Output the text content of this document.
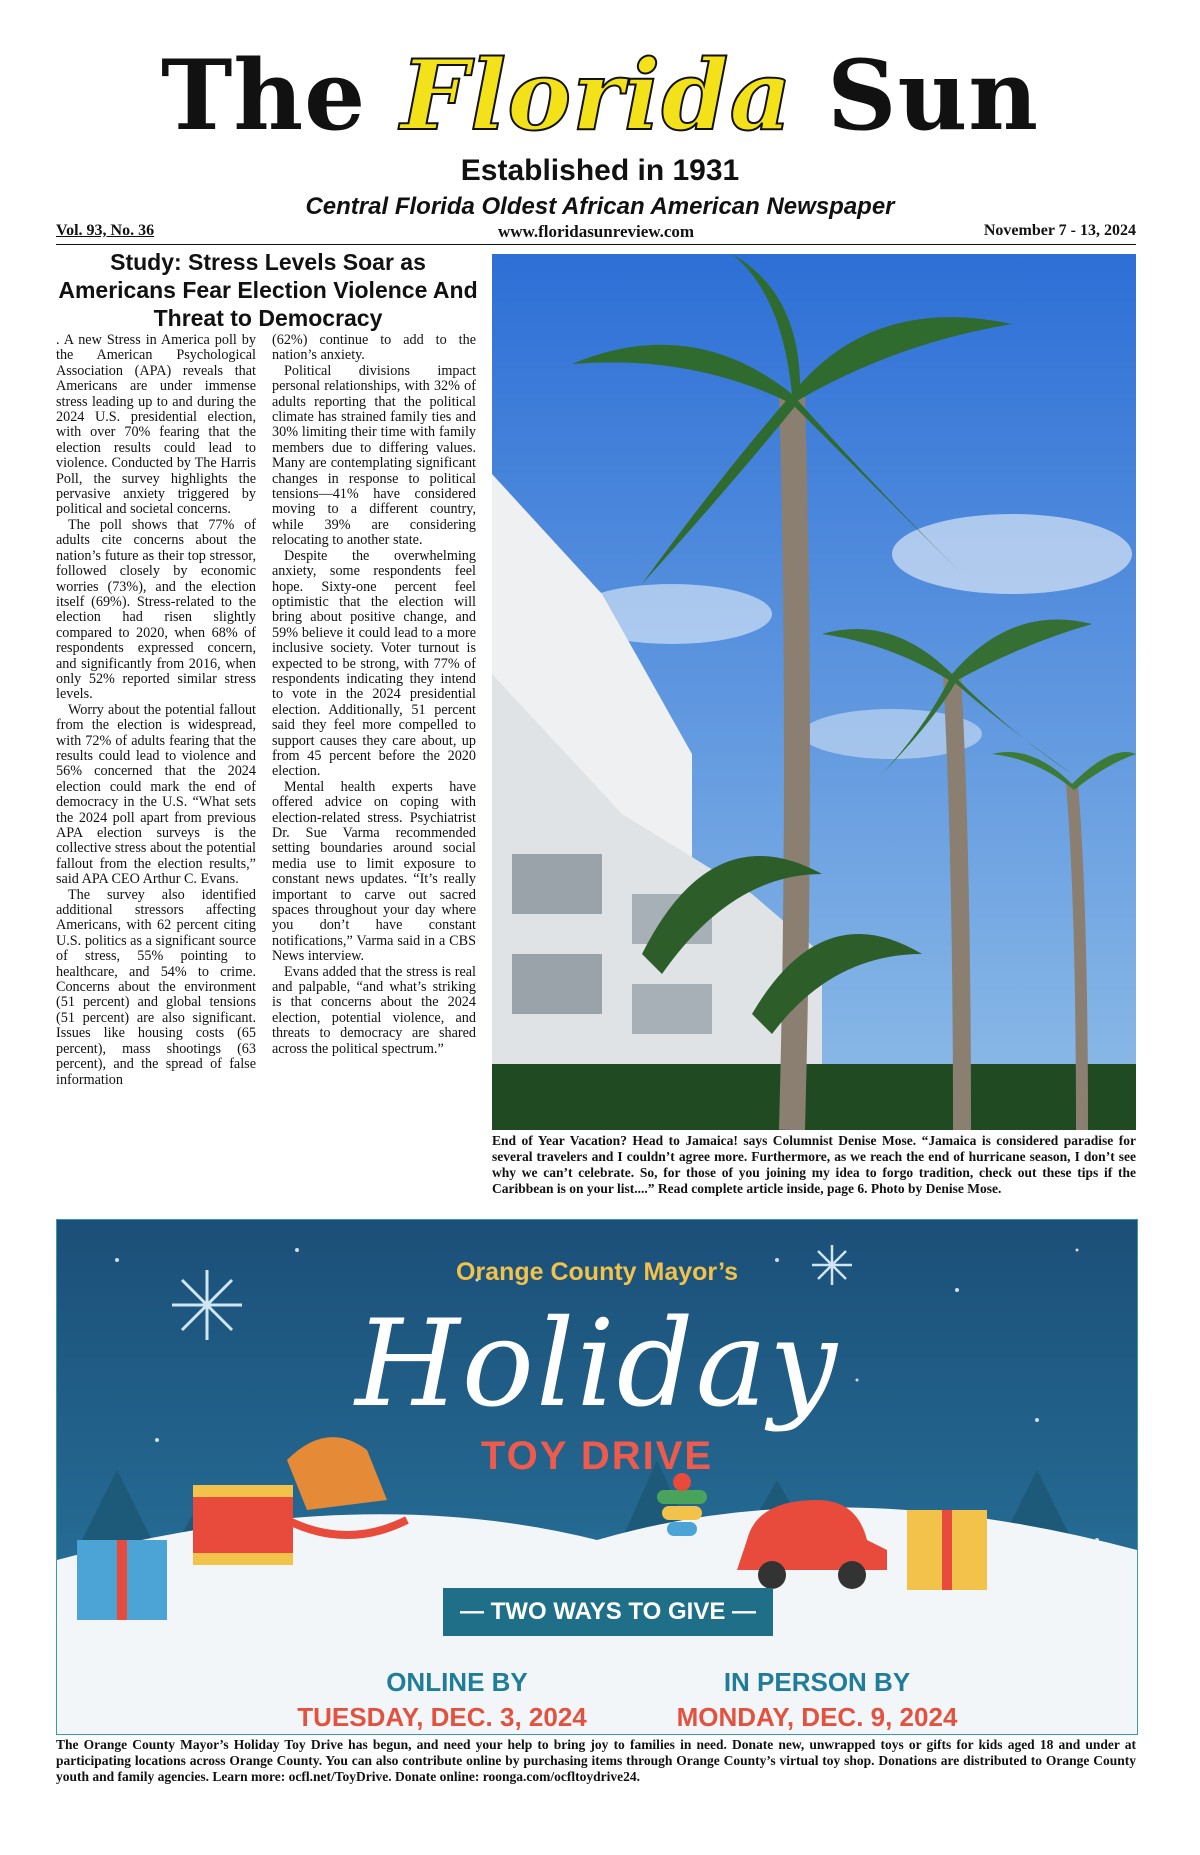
The Florida Sun
Established in 1931
Central Florida Oldest African American Newspaper
www.floridasunreview.com
Vol. 93, No. 36	November 7 - 13, 2024
Study: Stress Levels Soar as Americans Fear Election Violence And Threat to Democracy

. A new Stress in America poll by the American Psychological Association (APA) reveals that Americans are under immense stress leading up to and during the 2024 U.S. presidential election, with over 70% fearing that the election results could lead to violence. Conducted by The Harris Poll, the survey highlights the pervasive anxiety triggered by political and societal concerns.

The poll shows that 77% of adults cite concerns about the nation’s future as their top stressor, followed closely by economic worries (73%), and the election itself (69%). Stress-related to the election had risen slightly compared to 2020, when 68% of respondents expressed concern, and significantly from 2016, when only 52% reported similar stress levels.

Worry about the potential fallout from the election is widespread, with 72% of adults fearing that the results could lead to violence and 56% concerned that the 2024 election could mark the end of democracy in the U.S. “What sets the 2024 poll apart from previous APA election surveys is the collective stress about the potential fallout from the election results,” said APA CEO Arthur C. Evans.

The survey also identified additional stressors affecting Americans, with 62 percent citing U.S. politics as a significant source of stress, 55% pointing to healthcare, and 54% to crime. Concerns about the environment (51 percent) and global tensions (51 percent) are also significant. Issues like housing costs (65 percent), mass shootings (63 percent), and the spread of false information

(62%) continue to add to the nation’s anxiety.

Political divisions impact personal relationships, with 32% of adults reporting that the political climate has strained family ties and 30% limiting their time with family members due to differing values. Many are contemplating significant changes in response to political tensions—41% have considered moving to a different country, while 39% are considering relocating to another state.

Despite the overwhelming anxiety, some respondents feel hope. Sixty-one percent feel optimistic that the election will bring about positive change, and 59% believe it could lead to a more inclusive society. Voter turnout is expected to be strong, with 77% of respondents indicating they intend to vote in the 2024 presidential election. Additionally, 51 percent said they feel more compelled to support causes they care about, up from 45 percent before the 2020 election.

Mental health experts have offered advice on coping with election-related stress. Psychiatrist Dr. Sue Varma recommended setting boundaries around social media use to limit exposure to constant news updates. “It’s really important to carve out sacred spaces throughout your day where you don’t have constant notifications,” Varma said in a CBS News interview.

Evans added that the stress is real and palpable, “and what’s striking is that concerns about the 2024 election, potential violence, and threats to democracy are shared across the political spectrum.”

End of Year Vacation? Head to Jamaica! says Columnist Denise Mose. “Jamaica is considered paradise for several travelers and I couldn’t agree more. Furthermore, as we reach the end of hurricane season, I don’t see why we can’t celebrate. So, for those of you joining my idea to forgo tradition, check out these tips if the Caribbean is on your list....” Read complete article inside, page 6. Photo by Denise Mose.
Orange County Mayor’s
Holiday
TOY DRIVE
— TWO WAYS TO GIVE —
ONLINE BY	IN PERSON BY
TUESDAY, DEC. 3, 2024	MONDAY, DEC. 9, 2024
The Orange County Mayor’s Holiday Toy Drive has begun, and need your help to bring joy to families in need. Donate new, unwrapped toys or gifts for kids aged 18 and under at participating locations across Orange County. You can also contribute online by purchasing items through Orange County’s virtual toy shop. Donations are distributed to Orange County youth and family agencies. Learn more: ocfl.net/ToyDrive. Donate online: roonga.com/ocfltoydrive24.
